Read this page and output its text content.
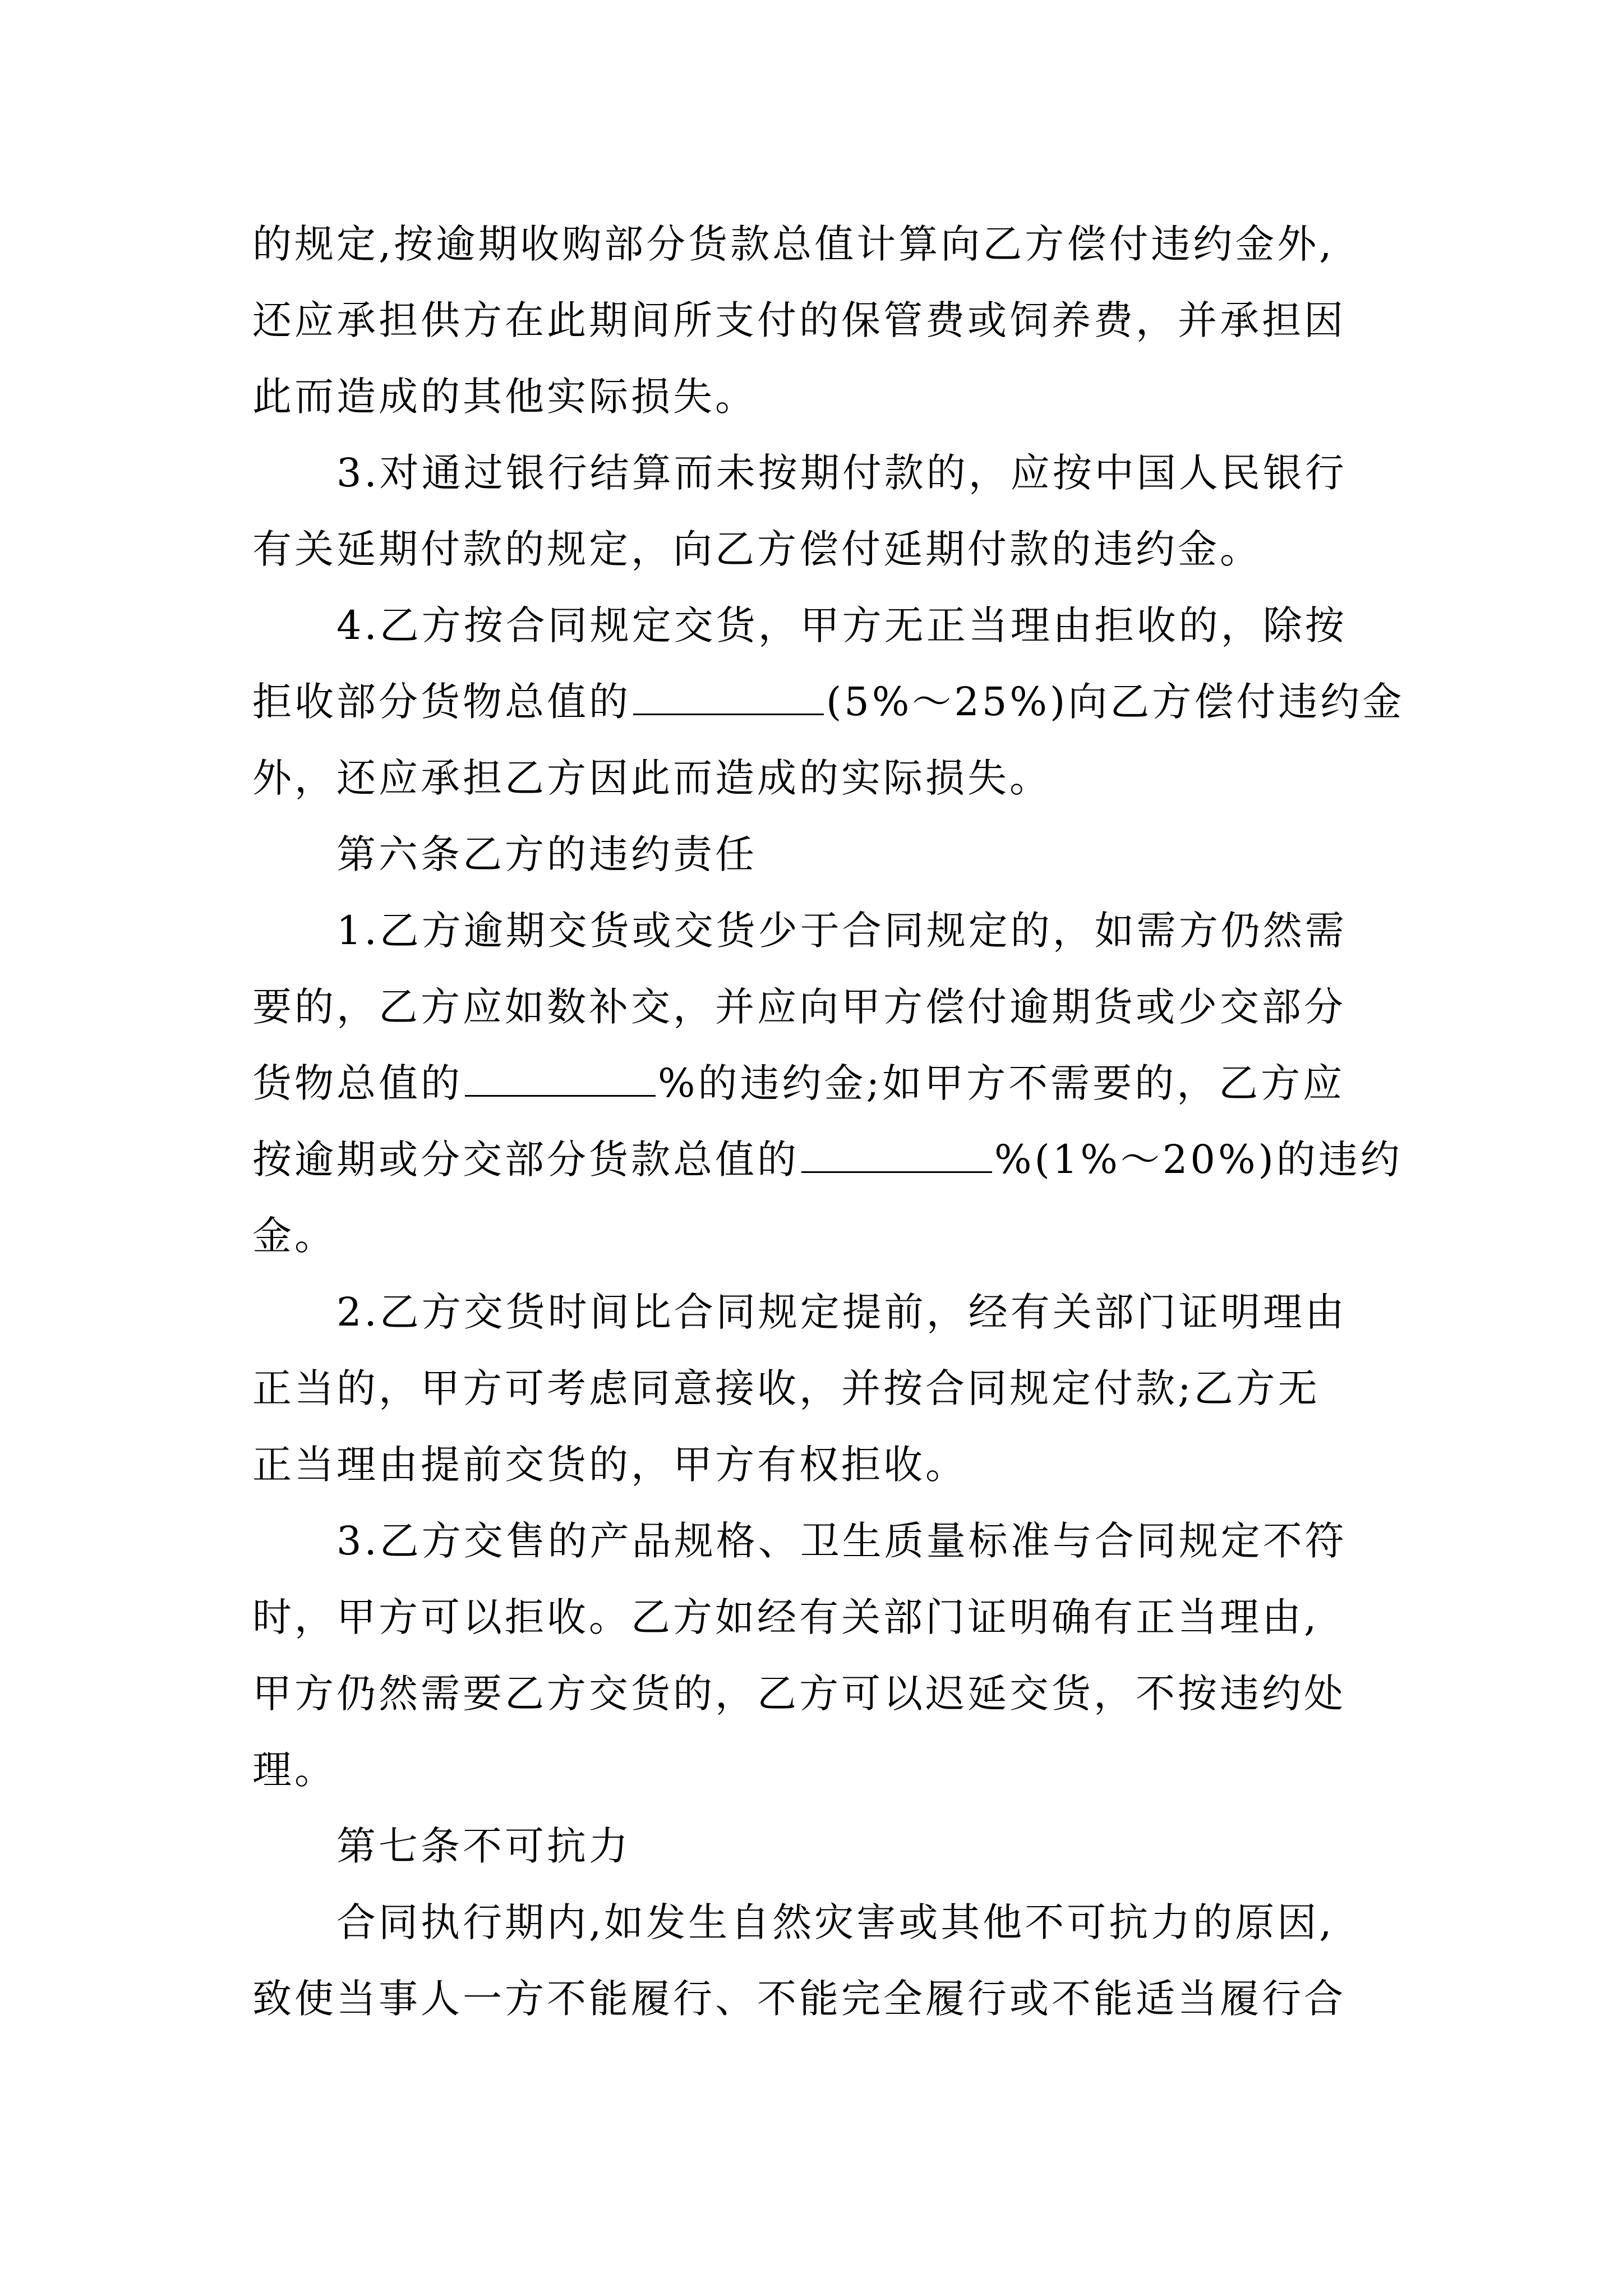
的规定,按逾期收购部分货款总值计算向乙方偿付违约金外,
还应承担供方在此期间所支付的保管费或饲养费，并承担因
此而造成的其他实际损失。
3.对通过银行结算而未按期付款的，应按中国人民银行
有关延期付款的规定，向乙方偿付延期付款的违约金。
4.乙方按合同规定交货，甲方无正当理由拒收的，除按
拒收部分货物总值的	(5%～25%)向乙方偿付违约金
外，还应承担乙方因此而造成的实际损失。
第六条乙方的违约责任
1.乙方逾期交货或交货少于合同规定的，如需方仍然需
要的，乙方应如数补交，并应向甲方偿付逾期货或少交部分
货物总值的	%的违约金;如甲方不需要的，乙方应
按逾期或分交部分货款总值的	%(1%～20%)的违约
金。
2.乙方交货时间比合同规定提前，经有关部门证明理由
正当的，甲方可考虑同意接收，并按合同规定付款;乙方无
正当理由提前交货的，甲方有权拒收。
3.乙方交售的产品规格、卫生质量标准与合同规定不符
时，甲方可以拒收。乙方如经有关部门证明确有正当理由,
甲方仍然需要乙方交货的，乙方可以迟延交货，不按违约处
理。
第七条不可抗力
合同执行期内,如发生自然灾害或其他不可抗力的原因,
致使当事人一方不能履行、不能完全履行或不能适当履行合
